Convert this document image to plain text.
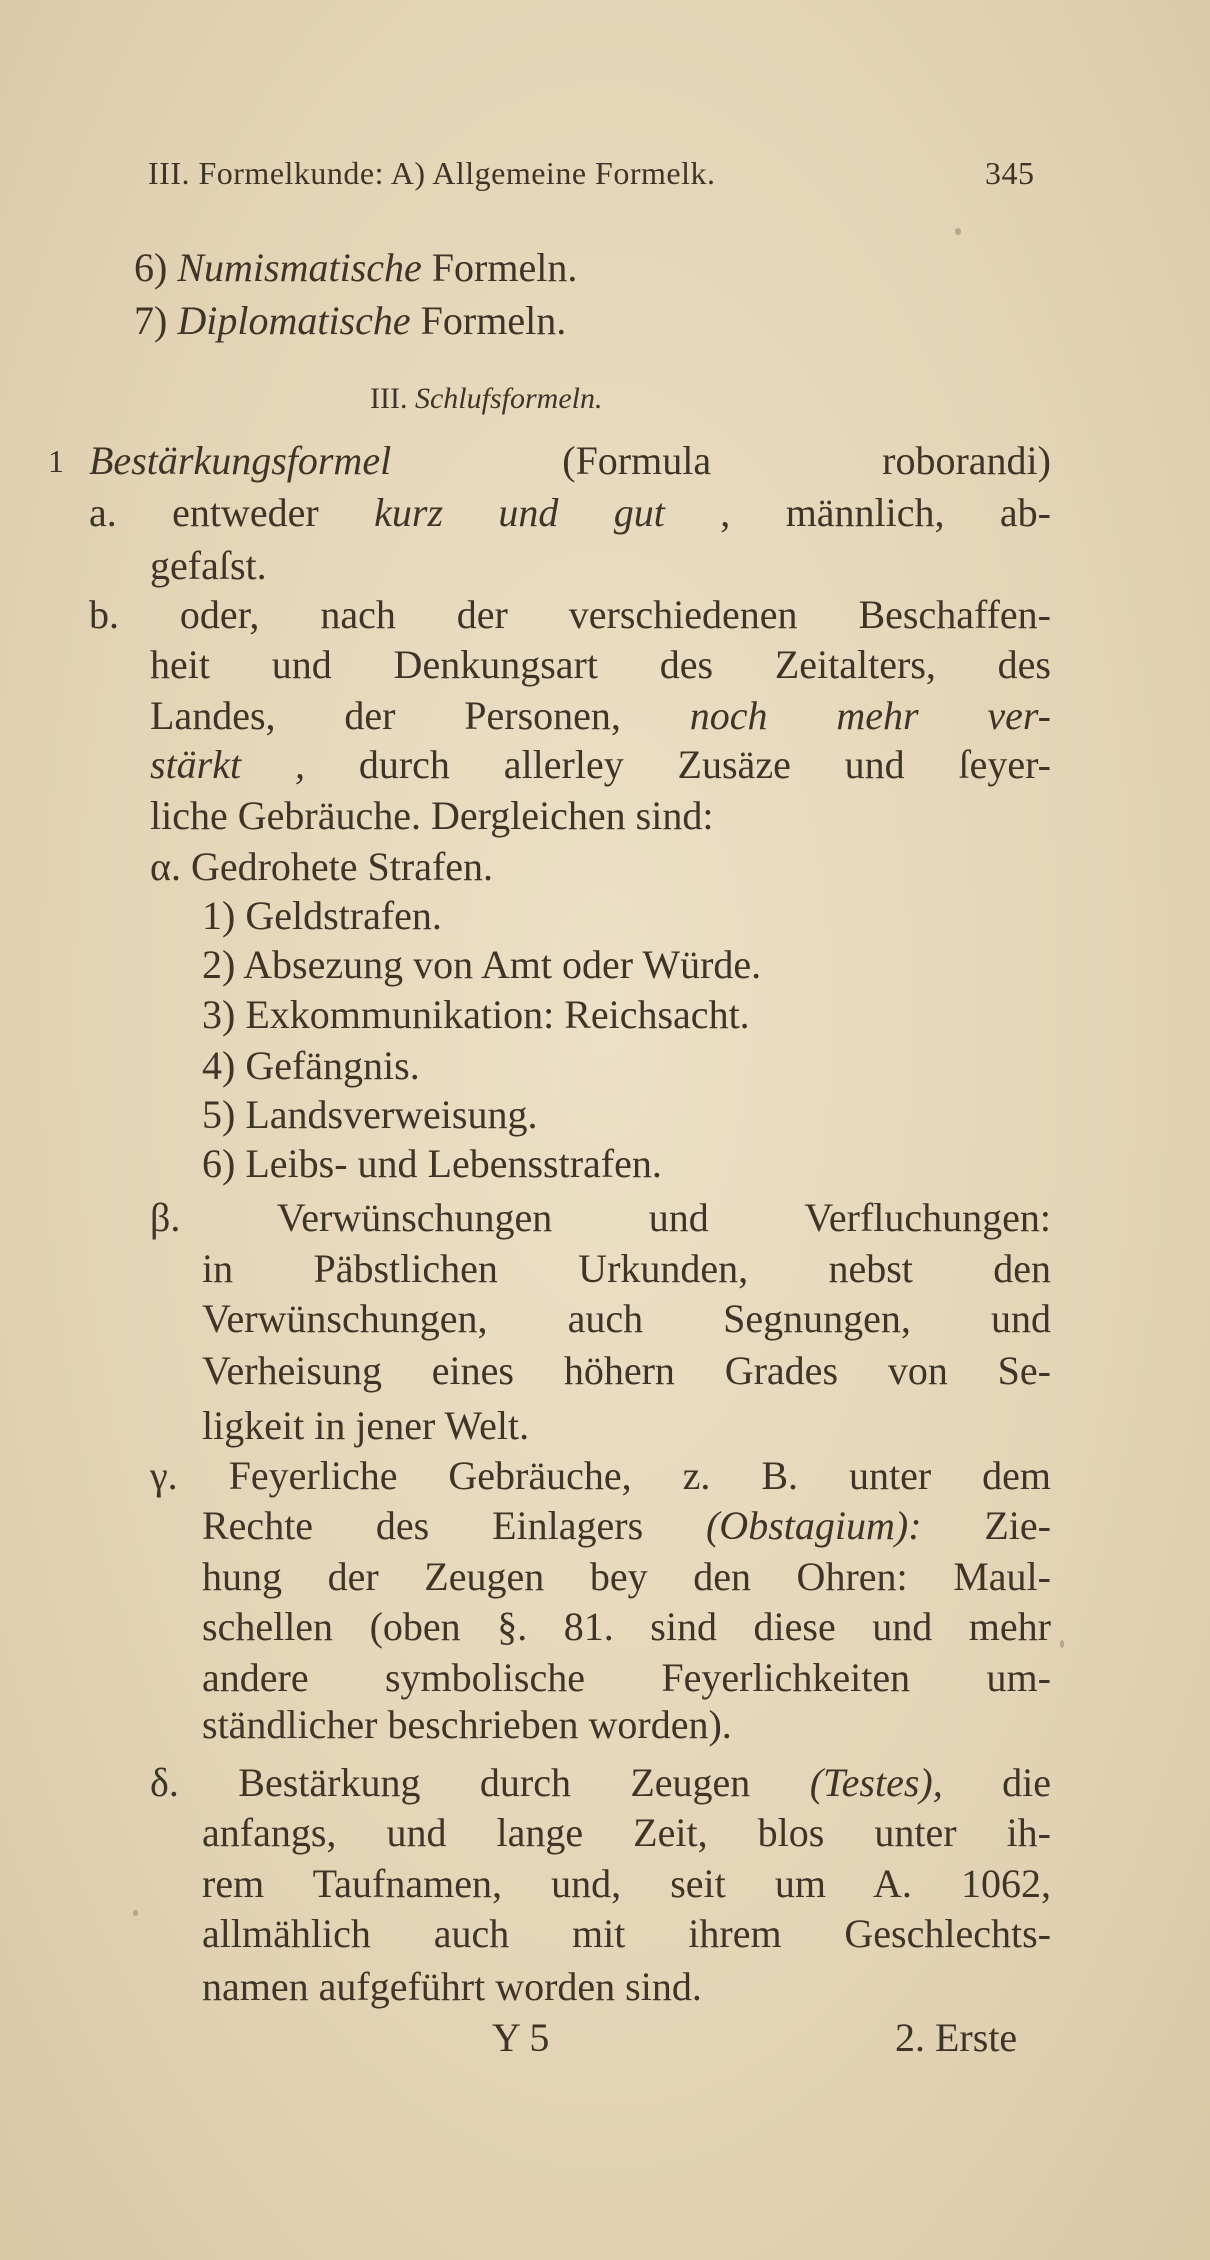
III. Formelkunde: A) Allgemeine Formelk.	345
1
6) Numismatische Formeln.
7) Diplomatische Formeln.
III. Schlufsformeln.
Bestärkungsformel (Formula roborandi)
a. entweder kurz und gut , männlich, ab-
gefaſst.
b. oder, nach der verschiedenen Beschaffen-
heit und Denkungsart des Zeitalters, des
Landes, der Personen, noch mehr ver-
stärkt , durch allerley Zusäze und ſeyer-
liche Gebräuche. Dergleichen sind:
α. Gedrohete Strafen.
1) Geldstrafen.
2) Absezung von Amt oder Würde.
3) Exkommunikation: Reichsacht.
4) Gefängnis.
5) Landsverweisung.
6) Leibs- und Lebensstrafen.
β. Verwünschungen und Verfluchungen:
in Päbstlichen Urkunden, nebst den
Verwünschungen, auch Segnungen, und
Verheisung eines höhern Grades von Se-
ligkeit in jener Welt.
γ. Feyerliche Gebräuche, z. B. unter dem
Rechte des Einlagers (Obstagium): Zie-
hung der Zeugen bey den Ohren: Maul-
schellen (oben §. 81. sind diese und mehr
andere symbolische Feyerlichkeiten um-
ständlicher beschrieben worden).
δ. Bestärkung durch Zeugen (Testes), die
anfangs, und lange Zeit, blos unter ih-
rem Taufnamen, und, seit um A. 1062,
allmählich auch mit ihrem Geschlechts-
namen aufgeführt worden sind.
Y 5	2. Erste
